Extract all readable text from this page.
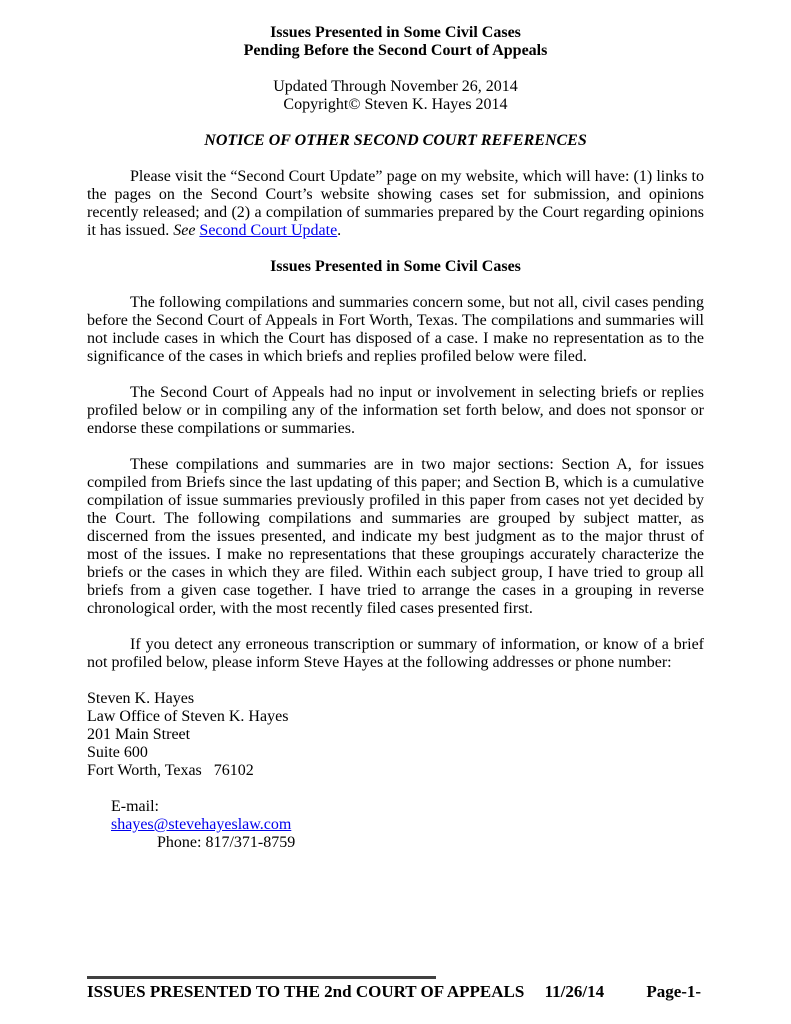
Issues Presented in Some Civil Cases
Pending Before the Second Court of Appeals
Updated Through November 26, 2014
Copyright© Steven K. Hayes 2014
NOTICE OF OTHER SECOND COURT REFERENCES

Please visit the “Second Court Update” page on my website, which will have: (1) links to the pages on the Second Court’s website showing cases set for submission, and opinions recently released; and (2) a compilation of summaries prepared by the Court regarding opinions it has issued. See Second Court Update.

Issues Presented in Some Civil Cases

The following compilations and summaries concern some, but not all, civil cases pending before the Second Court of Appeals in Fort Worth, Texas. The compilations and summaries will not include cases in which the Court has disposed of a case. I make no representation as to the significance of the cases in which briefs and replies profiled below were filed.

The Second Court of Appeals had no input or involvement in selecting briefs or replies profiled below or in compiling any of the information set forth below, and does not sponsor or endorse these compilations or summaries.

These compilations and summaries are in two major sections: Section A, for issues compiled from Briefs since the last updating of this paper; and Section B, which is a cumulative compilation of issue summaries previously profiled in this paper from cases not yet decided by the Court. The following compilations and summaries are grouped by subject matter, as discerned from the issues presented, and indicate my best judgment as to the major thrust of most of the issues. I make no representations that these groupings accurately characterize the briefs or the cases in which they are filed. Within each subject group, I have tried to group all briefs from a given case together. I have tried to arrange the cases in a grouping in reverse chronological order, with the most recently filed cases presented first.

If you detect any erroneous transcription or summary of information, or know of a brief not profiled below, please inform Steve Hayes at the following addresses or phone number:

Steven K. Hayes
Law Office of Steven K. Hayes
201 Main Street
Suite 600
Fort Worth, Texas   76102

E-mail:
shayes@stevehayeslaw.com
Phone: 817/371-8759

ISSUES PRESENTED TO THE 2nd COURT OF APPEALS 11/26/14 Page-1-
